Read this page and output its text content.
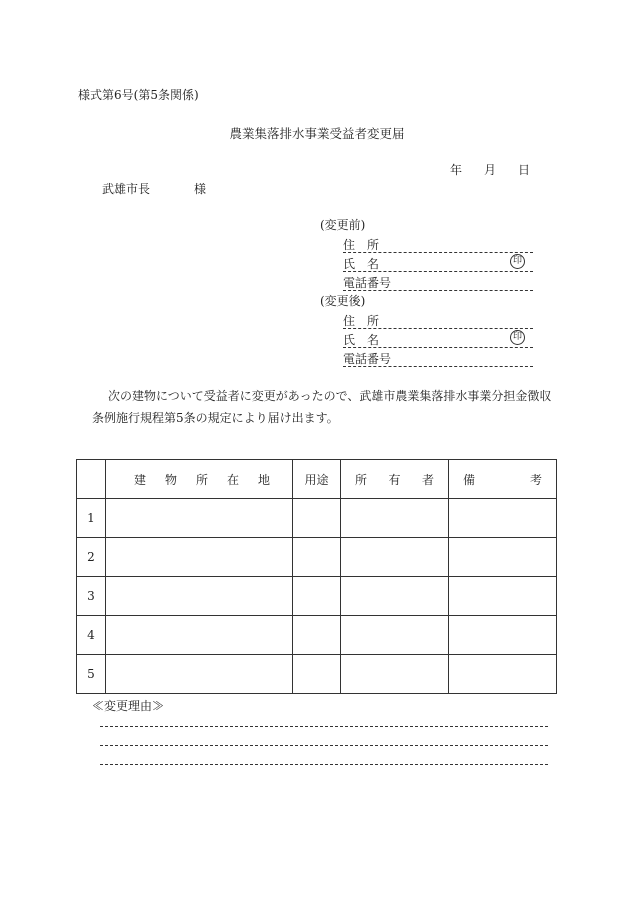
様式第6号(第5条関係)
農業集落排水事業受益者変更届
年 月 日
武雄市長	様
(変更前)
住　所
氏　名	印
電話番号
(変更後)
住　所
氏　名	印
電話番号
次の建物について受益者に変更があったので、武雄市農業集落排水事業分担金徴収条例施行規程第5条の規定により届け出ます。

	建 物 所 在 地	用途	所 有 者	備 考

1				
2				
3				
4				
5				
≪変更理由≫
